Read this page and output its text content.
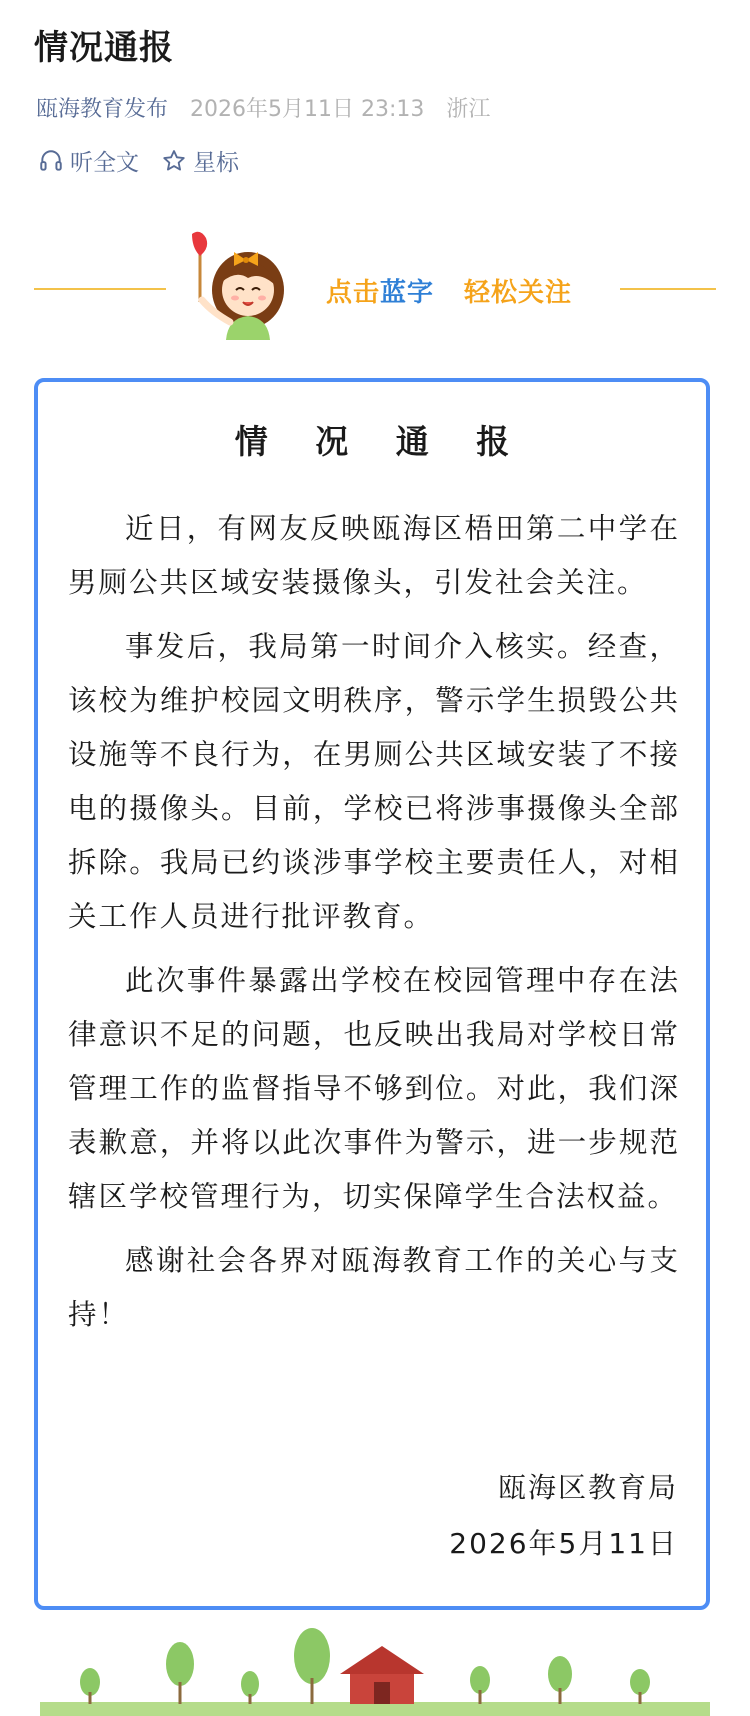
情况通报
瓯海教育发布 2026年5月11日 23:13 浙江
听全文 星标
点击蓝字 轻松关注
情 况 通 报

近日，有网友反映瓯海区梧田第二中学在男厕公共区域安装摄像头，引发社会关注。

事发后，我局第一时间介入核实。经查，该校为维护校园文明秩序，警示学生损毁公共设施等不良行为，在男厕公共区域安装了不接电的摄像头。目前，学校已将涉事摄像头全部拆除。我局已约谈涉事学校主要责任人，对相关工作人员进行批评教育。

此次事件暴露出学校在校园管理中存在法律意识不足的问题，也反映出我局对学校日常管理工作的监督指导不够到位。对此，我们深表歉意，并将以此次事件为警示，进一步规范辖区学校管理行为，切实保障学生合法权益。

感谢社会各界对瓯海教育工作的关心与支持！

瓯海区教育局
2026年5月11日
